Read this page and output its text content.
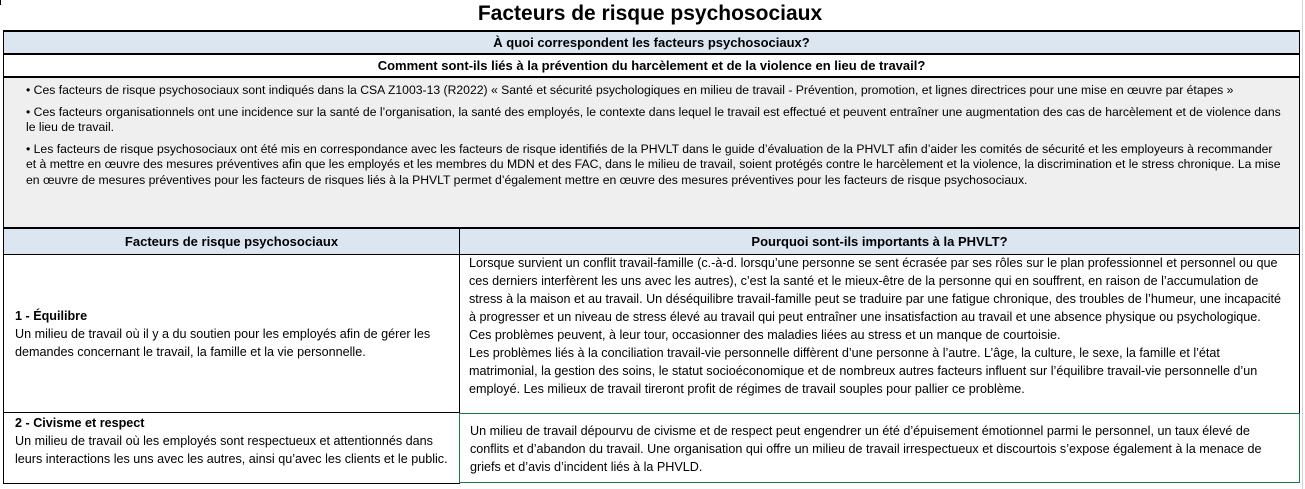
Facteurs de risque psychosociaux
À quoi correspondent les facteurs psychosociaux?
Comment sont-ils liés à la prévention du harcèlement et de la violence en lieu de travail?

• Ces facteurs de risque psychosociaux sont indiqués dans la CSA Z1003-13 (R2022) « Santé et sécurité psychologiques en milieu de travail - Prévention, promotion, et lignes directrices pour une mise en œuvre par étapes »

• Ces facteurs organisationnels ont une incidence sur la santé de l’organisation, la santé des employés, le contexte dans lequel le travail est effectué et peuvent entraîner une augmentation des cas de harcèlement et de violence dans le lieu de travail.

• Les facteurs de risque psychosociaux ont été mis en correspondance avec les facteurs de risque identifiés de la PHVLT dans le guide d’évaluation de la PHVLT afin d’aider les comités de sécurité et les employeurs à recommander et à mettre en œuvre des mesures préventives afin que les employés et les membres du MDN et des FAC, dans le milieu de travail, soient protégés contre le harcèlement et la violence, la discrimination et le stress chronique. La mise en œuvre de mesures préventives pour les facteurs de risques liés à la PHVLT permet d’également mettre en œuvre des mesures préventives pour les facteurs de risque psychosociaux.

Facteurs de risque psychosociaux	Pourquoi sont-ils importants à la PHVLT?
1 - Équilibre
Un milieu de travail où il y a du soutien pour les employés afin de gérer les demandes concernant le travail, la famille et la vie personnelle.
Lorsque survient un conflit travail-famille (c.-à-d. lorsqu’une personne se sent écrasée par ses rôles sur le plan professionnel et personnel ou que ces derniers interfèrent les uns avec les autres), c’est la santé et le mieux-être de la personne qui en souffrent, en raison de l’accumulation de stress à la maison et au travail. Un déséquilibre travail-famille peut se traduire par une fatigue chronique, des troubles de l’humeur, une incapacité à progresser et un niveau de stress élevé au travail qui peut entraîner une insatisfaction au travail et une absence physique ou psychologique.
Ces problèmes peuvent, à leur tour, occasionner des maladies liées au stress et un manque de courtoisie.
Les problèmes liés à la conciliation travail-vie personnelle diffèrent d’une personne à l’autre. L’âge, la culture, le sexe, la famille et l’état matrimonial, la gestion des soins, le statut socioéconomique et de nombreux autres facteurs influent sur l’équilibre travail-vie personnelle d’un employé. Les milieux de travail tireront profit de régimes de travail souples pour pallier ce problème.
2 - Civisme et respect
Un milieu de travail où les employés sont respectueux et attentionnés dans leurs interactions les uns avec les autres, ainsi qu’avec les clients et le public.
Un milieu de travail dépourvu de civisme et de respect peut engendrer un été d’épuisement émotionnel parmi le personnel, un taux élevé de conflits et d’abandon du travail. Une organisation qui offre un milieu de travail irrespectueux et discourtois s’expose également à la menace de griefs et d’avis d’incident liés à la PHVLD.
